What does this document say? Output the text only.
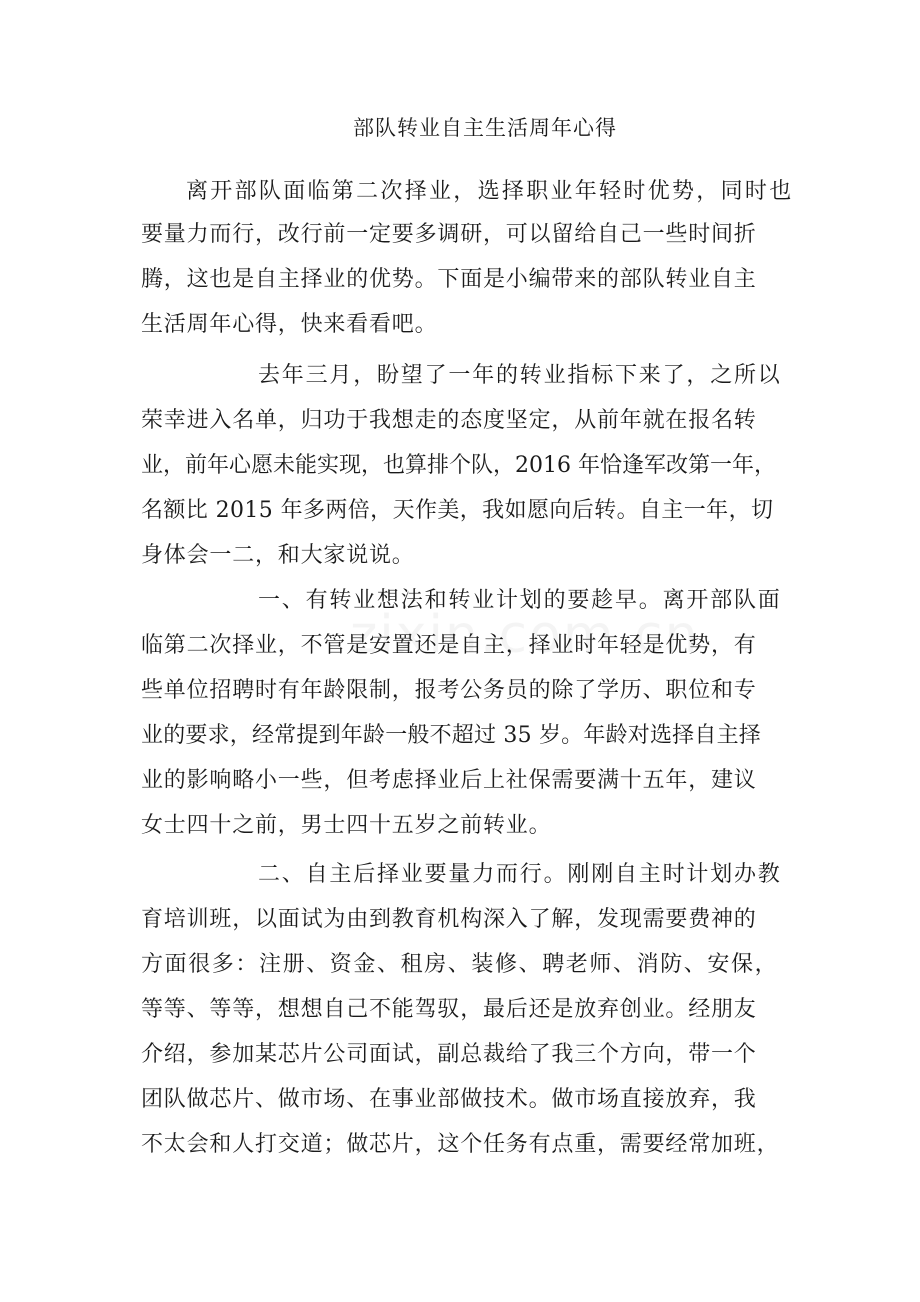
部队转业自主生活周年心得
离开部队面临第二次择业，选择职业年轻时优势，同时也
要量力而行，改行前一定要多调研，可以留给自己一些时间折
腾，这也是自主择业的优势。下面是小编带来的部队转业自主
生活周年心得，快来看看吧。
去年三月，盼望了一年的转业指标下来了，之所以
荣幸进入名单，归功于我想走的态度坚定，从前年就在报名转
业，前年心愿未能实现，也算排个队，2016 年恰逢军改第一年，
名额比 2015 年多两倍，天作美，我如愿向后转。自主一年，切
身体会一二，和大家说说。
一、有转业想法和转业计划的要趁早。离开部队面
临第二次择业，不管是安置还是自主，择业时年轻是优势，有
些单位招聘时有年龄限制，报考公务员的除了学历、职位和专
业的要求，经常提到年龄一般不超过 35 岁。年龄对选择自主择
业的影响略小一些，但考虑择业后上社保需要满十五年，建议
女士四十之前，男士四十五岁之前转业。
二、自主后择业要量力而行。刚刚自主时计划办教
育培训班，以面试为由到教育机构深入了解，发现需要费神的
方面很多：注册、资金、租房、装修、聘老师、消防、安保，
等等、等等，想想自己不能驾驭，最后还是放弃创业。经朋友
介绍，参加某芯片公司面试，副总裁给了我三个方向，带一个
团队做芯片、做市场、在事业部做技术。做市场直接放弃，我
不太会和人打交道；做芯片，这个任务有点重，需要经常加班，
